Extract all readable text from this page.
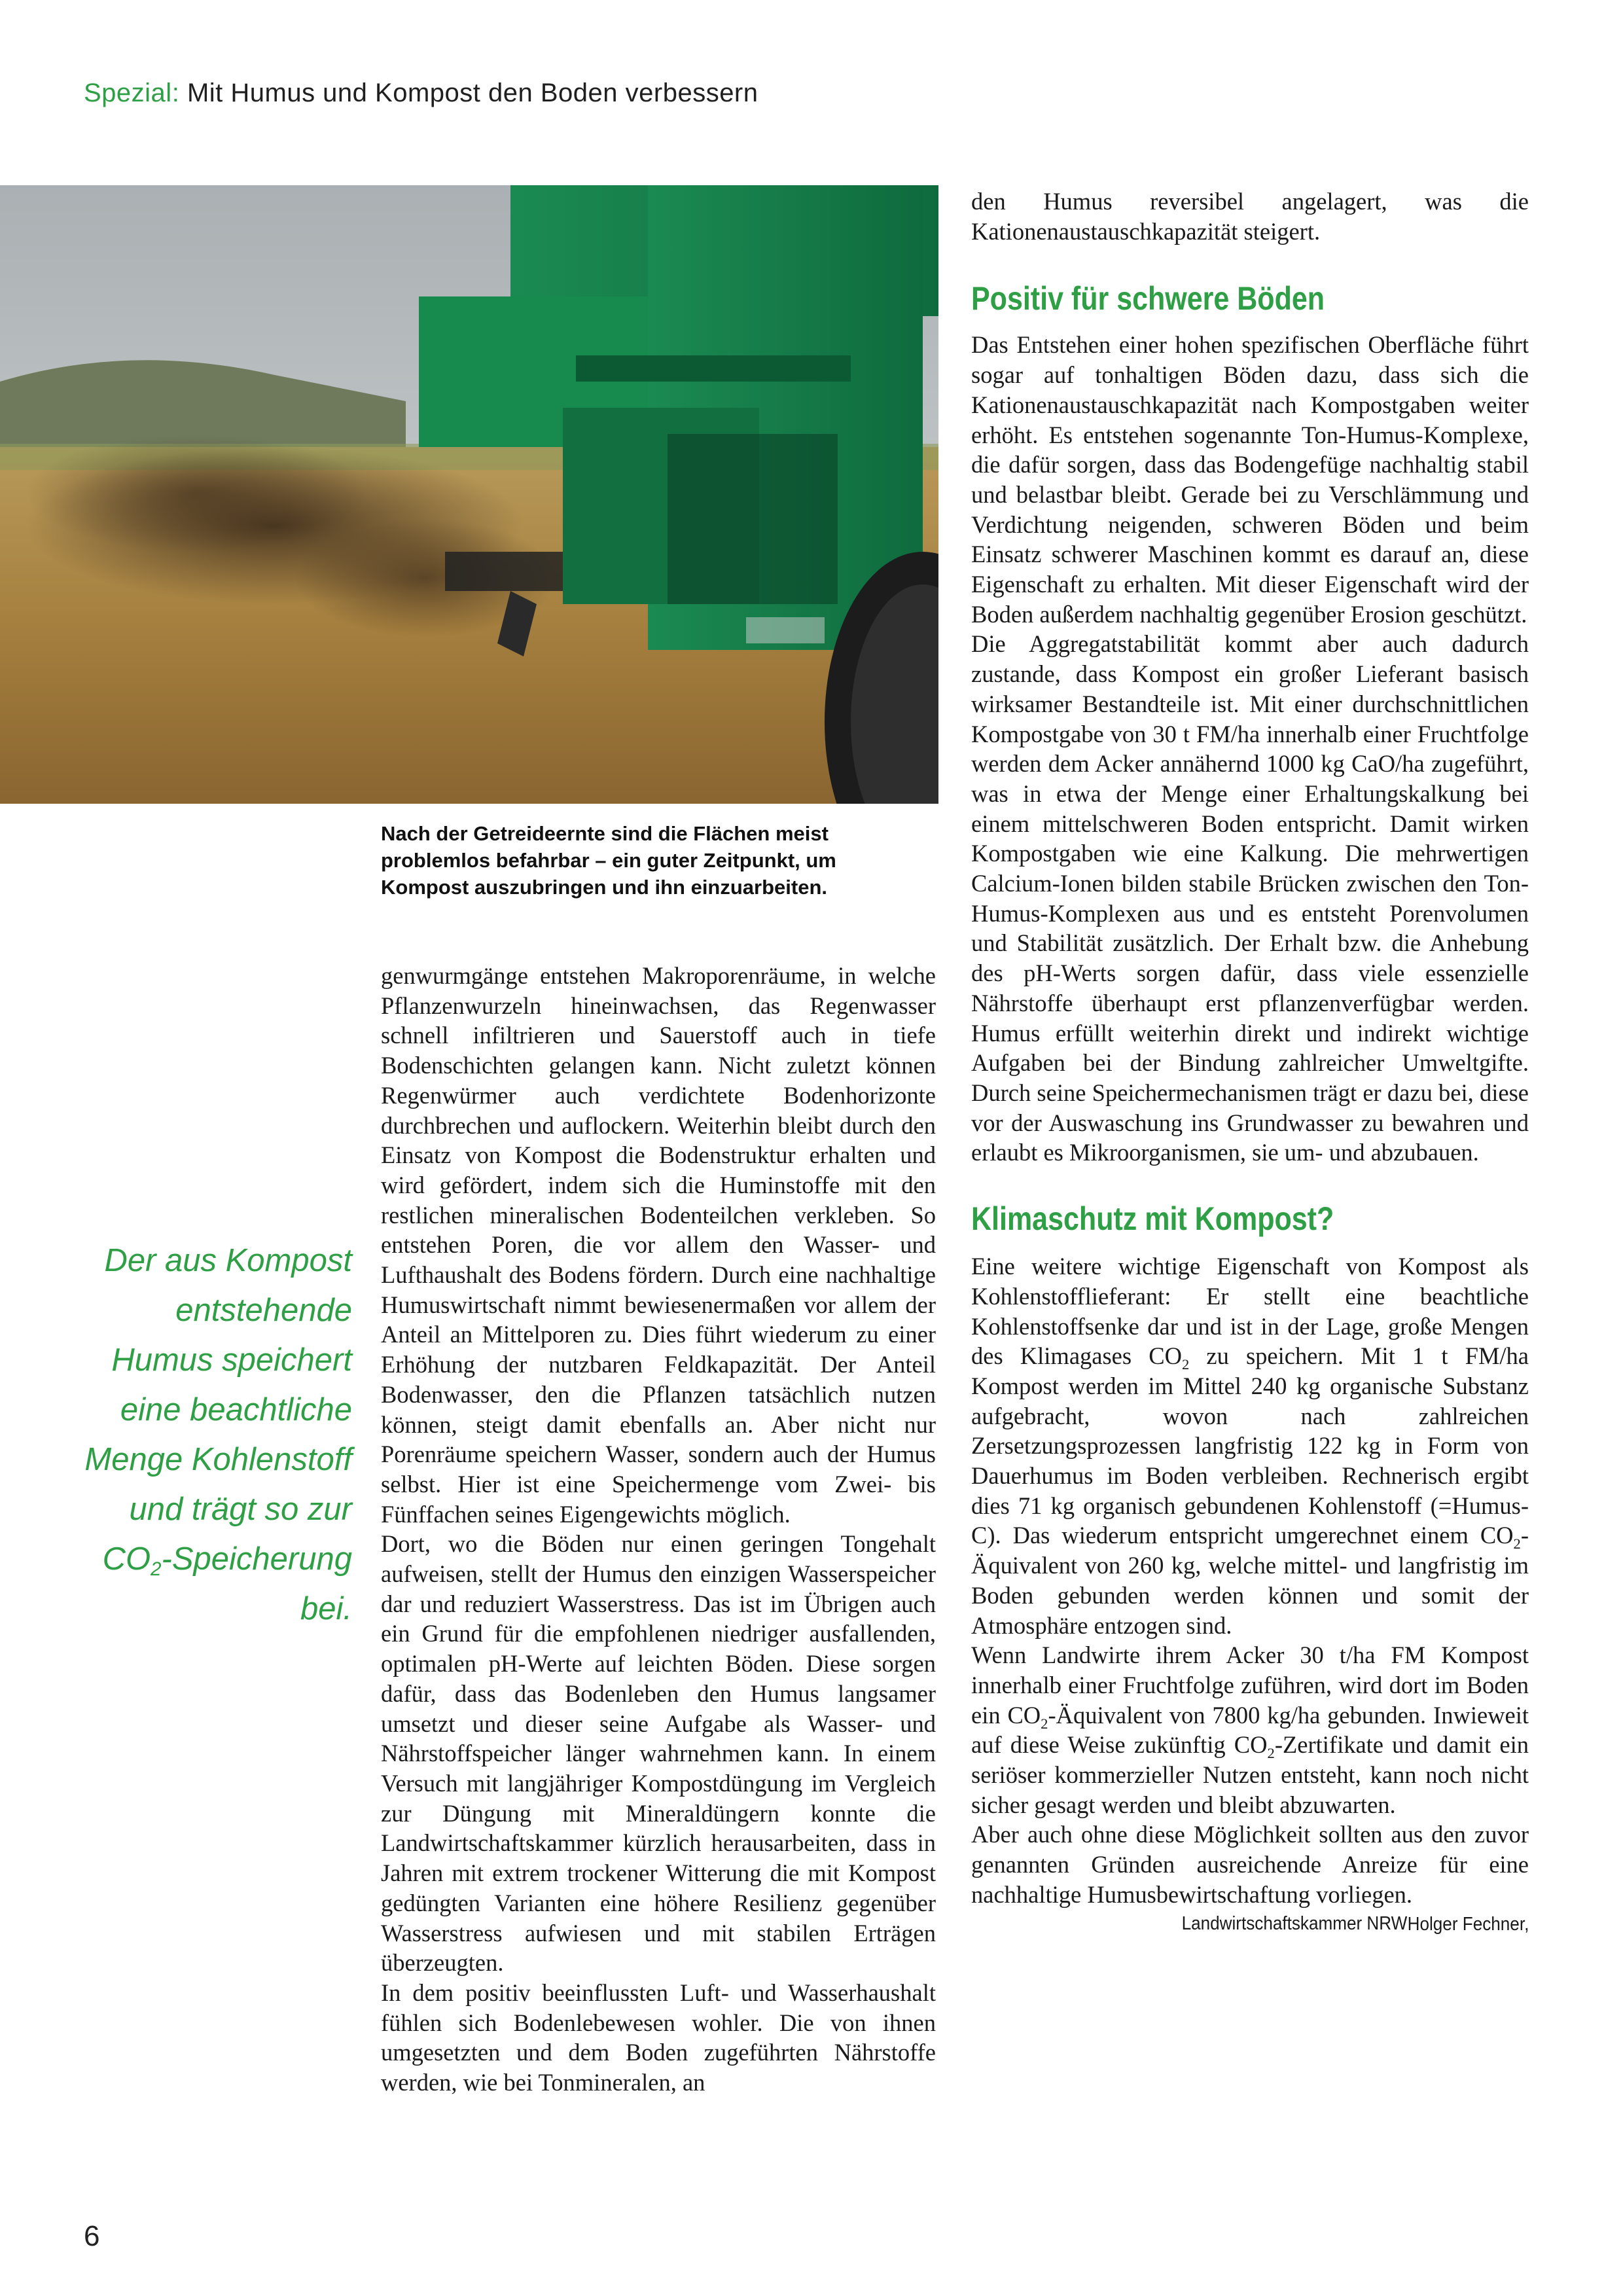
Spezial: Mit Humus und Kompost den Boden verbessern
Nach der Getreideernte sind die Flächen meist problemlos befahrbar – ein guter Zeitpunkt, um Kompost auszubringen und ihn einzuarbeiten.
Der aus Kompost entstehende Humus speichert eine beachtliche Menge Kohlenstoff und trägt so zur $CO_2$-Speicherung bei.

genwurmgänge entstehen Makroporenräume, in welche Pflanzenwurzeln hineinwachsen, das Regenwasser schnell infiltrieren und Sauerstoff auch in tiefe Bodenschichten gelangen kann. Nicht zuletzt können Regenwürmer auch verdichtete Bodenhorizonte durchbrechen und auflockern. Weiterhin bleibt durch den Einsatz von Kompost die Bodenstruktur erhalten und wird gefördert, indem sich die Huminstoffe mit den restlichen mineralischen Bodenteilchen verkleben. So entstehen Poren, die vor allem den Wasser- und Lufthaushalt des Bodens fördern. Durch eine nachhaltige Humuswirtschaft nimmt bewiesenermaßen vor allem der Anteil an Mittelporen zu. Dies führt wiederum zu einer Erhöhung der nutzbaren Feldkapazität. Der Anteil Bodenwasser, den die Pflanzen tatsächlich nutzen können, steigt damit ebenfalls an. Aber nicht nur Porenräume speichern Wasser, sondern auch der Humus selbst. Hier ist eine Speichermenge vom Zwei- bis Fünffachen seines Eigengewichts möglich.

Dort, wo die Böden nur einen geringen Tongehalt aufweisen, stellt der Humus den einzigen Wasserspeicher dar und reduziert Wasserstress. Das ist im Übrigen auch ein Grund für die empfohlenen niedriger ausfallenden, optimalen pH-Werte auf leichten Böden. Diese sorgen dafür, dass das Bodenleben den Humus langsamer umsetzt und dieser seine Aufgabe als Wasser- und Nährstoffspeicher länger wahrnehmen kann. In einem Versuch mit langjähriger Kompostdüngung im Vergleich zur Düngung mit Mineraldüngern konnte die Landwirtschaftskammer kürzlich herausarbeiten, dass in Jahren mit extrem trockener Witterung die mit Kompost gedüngten Varianten eine höhere Resilienz gegenüber Wasserstress aufwiesen und mit stabilen Erträgen überzeugten.

In dem positiv beeinflussten Luft- und Wasserhaushalt fühlen sich Bodenlebewesen wohler. Die von ihnen umgesetzten und dem Boden zugeführten Nährstoffe werden, wie bei Tonmineralen, an

den Humus reversibel angelagert, was die Kationenaustauschkapazität steigert.

Positiv für schwere Böden

Das Entstehen einer hohen spezifischen Oberfläche führt sogar auf tonhaltigen Böden dazu, dass sich die Kationenaustauschkapazität nach Kompostgaben weiter erhöht. Es entstehen sogenannte Ton-Humus-Komplexe, die dafür sorgen, dass das Bodengefüge nachhaltig stabil und belastbar bleibt. Gerade bei zu Verschlämmung und Verdichtung neigenden, schweren Böden und beim Einsatz schwerer Maschinen kommt es darauf an, diese Eigenschaft zu erhalten. Mit dieser Eigenschaft wird der Boden außerdem nachhaltig gegenüber Erosion geschützt.

Die Aggregatstabilität kommt aber auch dadurch zustande, dass Kompost ein großer Lieferant basisch wirksamer Bestandteile ist. Mit einer durchschnittlichen Kompostgabe von 30 t FM/ha innerhalb einer Fruchtfolge werden dem Acker annähernd 1000 kg CaO/ha zugeführt, was in etwa der Menge einer Erhaltungskalkung bei einem mittelschweren Boden entspricht. Damit wirken Kompostgaben wie eine Kalkung. Die mehrwertigen Calcium-Ionen bilden stabile Brücken zwischen den Ton-Humus-Komplexen aus und es entsteht Porenvolumen und Stabilität zusätzlich. Der Erhalt bzw. die Anhebung des pH-Werts sorgen dafür, dass viele essenzielle Nährstoffe überhaupt erst pflanzenverfügbar werden. Humus erfüllt weiterhin direkt und indirekt wichtige Aufgaben bei der Bindung zahlreicher Umweltgifte. Durch seine Speichermechanismen trägt er dazu bei, diese vor der Auswaschung ins Grundwasser zu bewahren und erlaubt es Mikroorganismen, sie um- und abzubauen.

Klimaschutz mit Kompost?

Eine weitere wichtige Eigenschaft von Kompost als Kohlenstofflieferant: Er stellt eine beachtliche Kohlenstoffsenke dar und ist in der Lage, große Mengen des Klimagases $CO_2$ zu speichern. Mit 1 t FM/ha Kompost werden im Mittel 240 kg organische Substanz aufgebracht, wovon nach zahlreichen Zersetzungsprozessen langfristig 122 kg in Form von Dauerhumus im Boden verbleiben. Rechnerisch ergibt dies 71 kg organisch gebundenen Kohlenstoff (=Humus-C). Das wiederum entspricht umgerechnet einem $CO_2$-Äquivalent von 260 kg, welche mittel- und langfristig im Boden gebunden werden können und somit der Atmosphäre entzogen sind.

Wenn Landwirte ihrem Acker 30 t/ha FM Kompost innerhalb einer Fruchtfolge zuführen, wird dort im Boden ein $CO_2$-Äquivalent von 7800 kg/ha gebunden. Inwieweit auf diese Weise zukünftig $CO_2$-Zertifikate und damit ein seriöser kommerzieller Nutzen entsteht, kann noch nicht sicher gesagt werden und bleibt abzuwarten.

Aber auch ohne diese Möglichkeit sollten aus den zuvor genannten Gründen ausreichende Anreize für eine nachhaltige Humusbewirtschaftung vorliegen.
Holger Fechner,

Landwirtschaftskammer NRW
6
